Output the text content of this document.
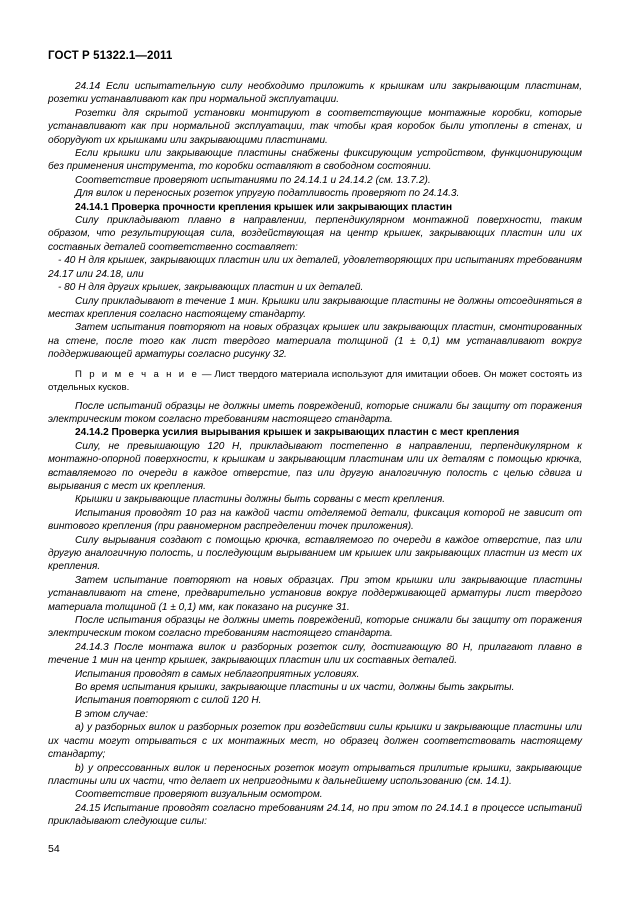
ГОСТ Р 51322.1—2011

24.14 Если испытательную силу необходимо приложить к крышкам или закрывающим пластинам, розетки устанавливают как при нормальной эксплуатации.

Розетки для скрытой установки монтируют в соответствующие монтажные коробки, которые устанавливают как при нормальной эксплуатации, так чтобы края коробок были утоплены в стенах, и оборудуют их крышками или закрывающими пластинами.

Если крышки или закрывающие пластины снабжены фиксирующим устройством, функционирующим без применения инструмента, то коробки оставляют в свободном состоянии.

Соответствие проверяют испытаниями по 24.14.1 и 24.14.2 (см. 13.7.2).

Для вилок и переносных розеток упругую податливость проверяют по 24.14.3.

24.14.1 Проверка прочности крепления крышек или закрывающих пластин

Силу прикладывают плавно в направлении, перпендикулярном монтажной поверхности, таким образом, что результирующая сила, воздействующая на центр крышек, закрывающих пластин или их составных деталей соответственно составляет:

- 40 Н для крышек, закрывающих пластин или их деталей, удовлетворяющих при испытаниях требованиям 24.17 или 24.18, или

- 80 Н для других крышек, закрывающих пластин и их деталей.

Силу прикладывают в течение 1 мин. Крышки или закрывающие пластины не должны отсоединяться в местах крепления согласно настоящему стандарту.

Затем испытания повторяют на новых образцах крышек или закрывающих пластин, смонтированных на стене, после того как лист твердого материала толщиной (1 ± 0,1) мм устанавливают вокруг поддерживающей арматуры согласно рисунку 32.

П р и м е ч а н и е — Лист твердого материала используют для имитации обоев. Он может состоять из отдельных кусков.

После испытаний образцы не должны иметь повреждений, которые снижали бы защиту от поражения электрическим током согласно требованиям настоящего стандарта.

24.14.2 Проверка усилия вырывания крышек и закрывающих пластин с мест крепления

Силу, не превышающую 120 Н, прикладывают постепенно в направлении, перпендикулярном к монтажно-опорной поверхности, к крышкам и закрывающим пластинам или их деталям с помощью крючка, вставляемого по очереди в каждое отверстие, паз или другую аналогичную полость с целью сдвига и вырывания с мест их крепления.

Крышки и закрывающие пластины должны быть сорваны с мест крепления.

Испытания проводят 10 раз на каждой части отделяемой детали, фиксация которой не зависит от винтового крепления (при равномерном распределении точек приложения).

Силу вырывания создают с помощью крючка, вставляемого по очереди в каждое отверстие, паз или другую аналогичную полость, и последующим вырыванием им крышек или закрывающих пластин из мест их крепления.

Затем испытание повторяют на новых образцах. При этом крышки или закрывающие пластины устанавливают на стене, предварительно установив вокруг поддерживающей арматуры лист твердого материала толщиной (1 ± 0,1) мм, как показано на рисунке 31.

После испытания образцы не должны иметь повреждений, которые снижали бы защиту от поражения электрическим током согласно требованиям настоящего стандарта.

24.14.3 После монтажа вилок и разборных розеток силу, достигающую 80 Н, прилагают плавно в течение 1 мин на центр крышек, закрывающих пластин или их составных деталей.

Испытания проводят в самых неблагоприятных условиях.

Во время испытания крышки, закрывающие пластины и их части, должны быть закрыты.

Испытания повторяют с силой 120 Н.

В этом случае:

а) у разборных вилок и разборных розеток при воздействии силы крышки и закрывающие пластины или их части могут отрываться с их монтажных мест, но образец должен соответствовать настоящему стандарту;

b) у опрессованных вилок и переносных розеток могут отрываться прилитые крышки, закрывающие пластины или их части, что делает их непригодными к дальнейшему использованию (см. 14.1).

Соответствие проверяют визуальным осмотром.

24.15 Испытание проводят согласно требованиям 24.14, но при этом по 24.14.1 в процессе испытаний прикладывают следующие силы:

54
